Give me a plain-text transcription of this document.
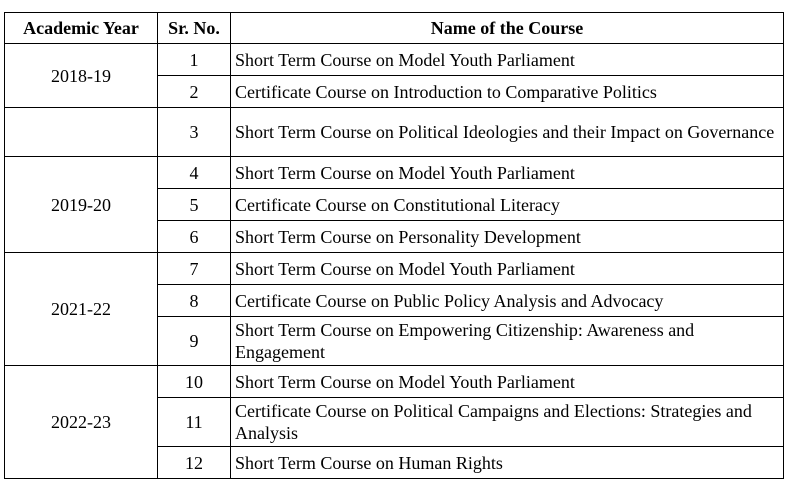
Academic Year	Sr. No.	Name of the Course
2018-19	1	Short Term Course on Model Youth Parliament
	2	Certificate Course on Introduction to Comparative Politics
	3	Short Term Course on Political Ideologies and their Impact on Governance
2019-20	4	Short Term Course on Model Youth Parliament
	5	Certificate Course on Constitutional Literacy
	6	Short Term Course on Personality Development
2021-22	7	Short Term Course on Model Youth Parliament
	8	Certificate Course on Public Policy Analysis and Advocacy
	9	Short Term Course on Empowering Citizenship: Awareness and Engagement
2022-23	10	Short Term Course on Model Youth Parliament
	11	Certificate Course on Political Campaigns and Elections: Strategies and Analysis
	12	Short Term Course on Human Rights
